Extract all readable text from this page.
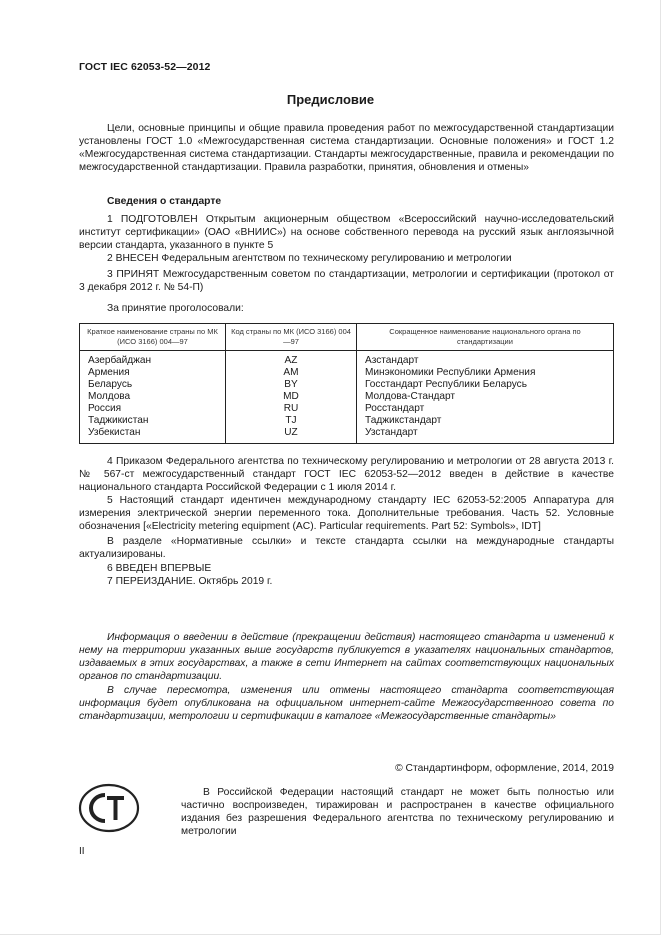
ГОСТ IEC 62053-52—2012
Предисловие
Цели, основные принципы и общие правила проведения работ по межгосударственной стандартизации установлены ГОСТ 1.0 «Межгосударственная система стандартизации. Основные положения» и ГОСТ 1.2 «Межгосударственная система стандартизации. Стандарты межгосударственные, правила и рекомендации по межгосударственной стандартизации. Правила разработки, принятия, обновления и отмены»
Сведения о стандарте
1 ПОДГОТОВЛЕН Открытым акционерным обществом «Всероссийский научно-исследовательский институт сертификации» (ОАО «ВНИИС») на основе собственного перевода на русский язык англоязычной версии стандарта, указанного в пункте 5
2 ВНЕСЕН Федеральным агентством по техническому регулированию и метрологии
3 ПРИНЯТ Межгосударственным советом по стандартизации, метрологии и сертификации (протокол от 3 декабря 2012 г. № 54-П)
За принятие проголосовали:
Краткое наименование страны по МК (ИСО 3166) 004—97	Код страны по МК (ИСО 3166) 004—97	Сокращенное наименование национального органа по стандартизации
Азербайджан	AZ	Азстандарт
Армения	AM	Минэкономики Республики Армения
Беларусь	BY	Госстандарт Республики Беларусь
Молдова	MD	Молдова-Стандарт
Россия	RU	Росстандарт
Таджикистан	TJ	Таджикстандарт
Узбекистан	UZ	Узстандарт
4 Приказом Федерального агентства по техническому регулированию и метрологии от 28 августа 2013 г. № 567-ст межгосударственный стандарт ГОСТ IEC 62053-52—2012 введен в действие в качестве национального стандарта Российской Федерации с 1 июля 2014 г.
5 Настоящий стандарт идентичен международному стандарту IEC 62053-52:2005 Аппаратура для измерения электрической энергии переменного тока. Дополнительные требования. Часть 52. Условные обозначения [«Electricity metering equipment (AC). Particular requirements. Part 52: Symbols», IDT]
В разделе «Нормативные ссылки» и тексте стандарта ссылки на международные стандарты актуализированы.
6 ВВЕДЕН ВПЕРВЫЕ
7 ПЕРЕИЗДАНИЕ. Октябрь 2019 г.
Информация о введении в действие (прекращении действия) настоящего стандарта и изменений к нему на территории указанных выше государств публикуется в указателях национальных стандартов, издаваемых в этих государствах, а также в сети Интернет на сайтах соответствующих национальных органов по стандартизации.
В случае пересмотра, изменения или отмены настоящего стандарта соответствующая информация будет опубликована на официальном интернет-сайте Межгосударственного совета по стандартизации, метрологии и сертификации в каталоге «Межгосударственные стандарты»
© Стандартинформ, оформление, 2014, 2019
В Российской Федерации настоящий стандарт не может быть полностью или частично воспроизведен, тиражирован и распространен в качестве официального издания без разрешения Федерального агентства по техническому регулированию и метрологии
II
